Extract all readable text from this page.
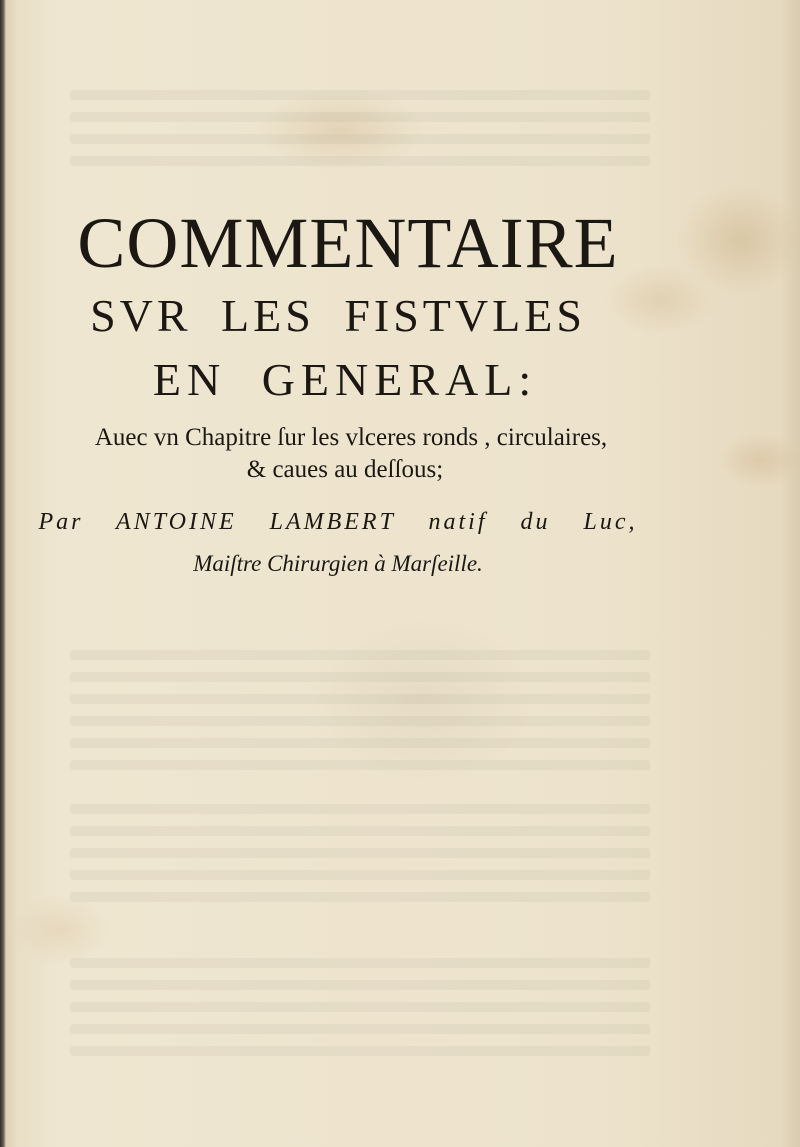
COMMENTAIRE
SVR LES FISTVLES
EN GENERAL:
Auec vn Chapitre ſur les vlceres ronds , circulaires,
& caues au deſſous;
Par ANTOINE LAMBERT natif du Luc,
Maiſtre Chirurgien à Marſeille.
